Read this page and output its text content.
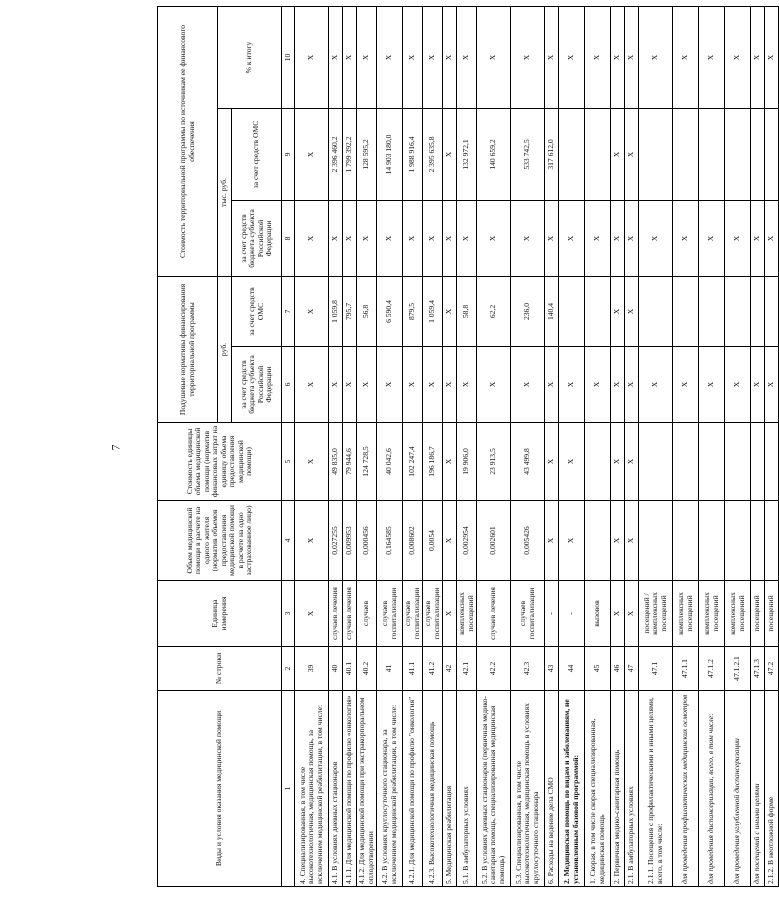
7
Виды и условия оказания медицинской помощи	№ строки	Единица измерения	Объем медицинской помощи в расчете на одного жителя (норматив объемов предоставления медицинской помощи в расчете на одно застрахованное лицо)	Стоимость единицы объема медицинской помощи (норматив финансовых затрат на единицу объема предоставления медицинской помощи)	Подушевые нормативы финансирования территориальной программы		Стоимость территориальной программы по источникам ее финансового обеспечения		
					руб.		тыс. руб.		% к итогу
					за счет средств бюджета субъекта Российской Федерации	за счет средств ОМС	за счет средств бюджета субъекта Российской Федерации	за счет средств ОМС	
1	2	3	4	5	6	7	8	9	10
4. Специализированная, в том числе высокотехнологичная, медицинская помощь, за исключением медицинской реабилитации, в том числе:	39	X	X	X	X	X	X	X	X
4.1. В условиях дневных стационаров	40	случаев лечения	0,027255	49 835,0	X	1 059,8	X	2 396 460,2	X
4.1.1. Для медицинской помощи по профилю «онкология»	40.1	случаев лечения	0,009953	79 944,6	X	795,7	X	1 799 392,2	X
4.1.2. Для медицинской помощи при экстракорпоральном оплодотворении	40.2	случаев	0,000456	124 728,5	X	56,8	X	128 595,2	X
4.2. В условиях круглосуточного стационара, за исключением медицинской реабилитации, в том числе:	41	случаев госпитализации	0,164585	40 042,6	X	6 590,4	X	14 903 180,0	X
4.2.1. Для медицинской помощи по профилю "онкология"	41.1	случаев госпитализации	0,008602	102 247,4	X	879,5	X	1 988 916,4	X
4.2.3. Высокотехнологичная медицинская помощь	41.2	случаев госпитализации	0,0054	196 186,7	X	1 059,4	X	2 395 635,8	X
5. Медицинская реабилитация	42	X	X	X	X	X	X	X	X
5.1. В амбулаторных условиях	42.1	комплексных посещений	0,002954	19 906,0	X	58,8	X	132 972,1	X
5.2. В условиях дневных стационаров (первичная медико-санитарная помощь, специализированная медицинская помощь)	42.2	случаев лечения	0,002601	23 913,5	X	62,2	X	140 659,2	X
5.3. Специализированная, в том числе высокотехнологичная, медицинская помощь в условиях круглосуточного стационара	42.3	случаев госпитализации	0,005426	43 499,8	X	236,0	X	533 742,5	X
6. Расходы на ведение дела СМО	43	-	X	X	X	140,4	X	317 612,0	X
2. Медицинская помощь по видам и заболеваниям, не установленным базовой программой:	44	-	X	X	X		X		X
1. Скорая, в том числе скорая специализированная, медицинская помощь	45	вызовов			X		X		X
2. Первичная медико-санитарная помощь	46	X	X	X	X	X	X	X	X
2.1. В амбулаторных условиях	47	X	X	X	X	X	X	X	X
2.1.1. Посещения с профилактическими и иными целями, всего, в том числе:	47.1	посещений / комплексных посещений			X		X		X
для проведения профилактических медицинских осмотров	47.1.1	комплексных посещений			X		X		X
для проведения диспансеризации, всего, в том числе:	47.1.2	комплексных посещений			X		X		X
для проведения углубленной диспансеризации	47.1.2.1	комплексных посещений			X		X		X
для посещений с иными целями	47.1.3	посещений			X		X		X
2.1.2. В неотложной форме	47.2	посещений			X		X		X
